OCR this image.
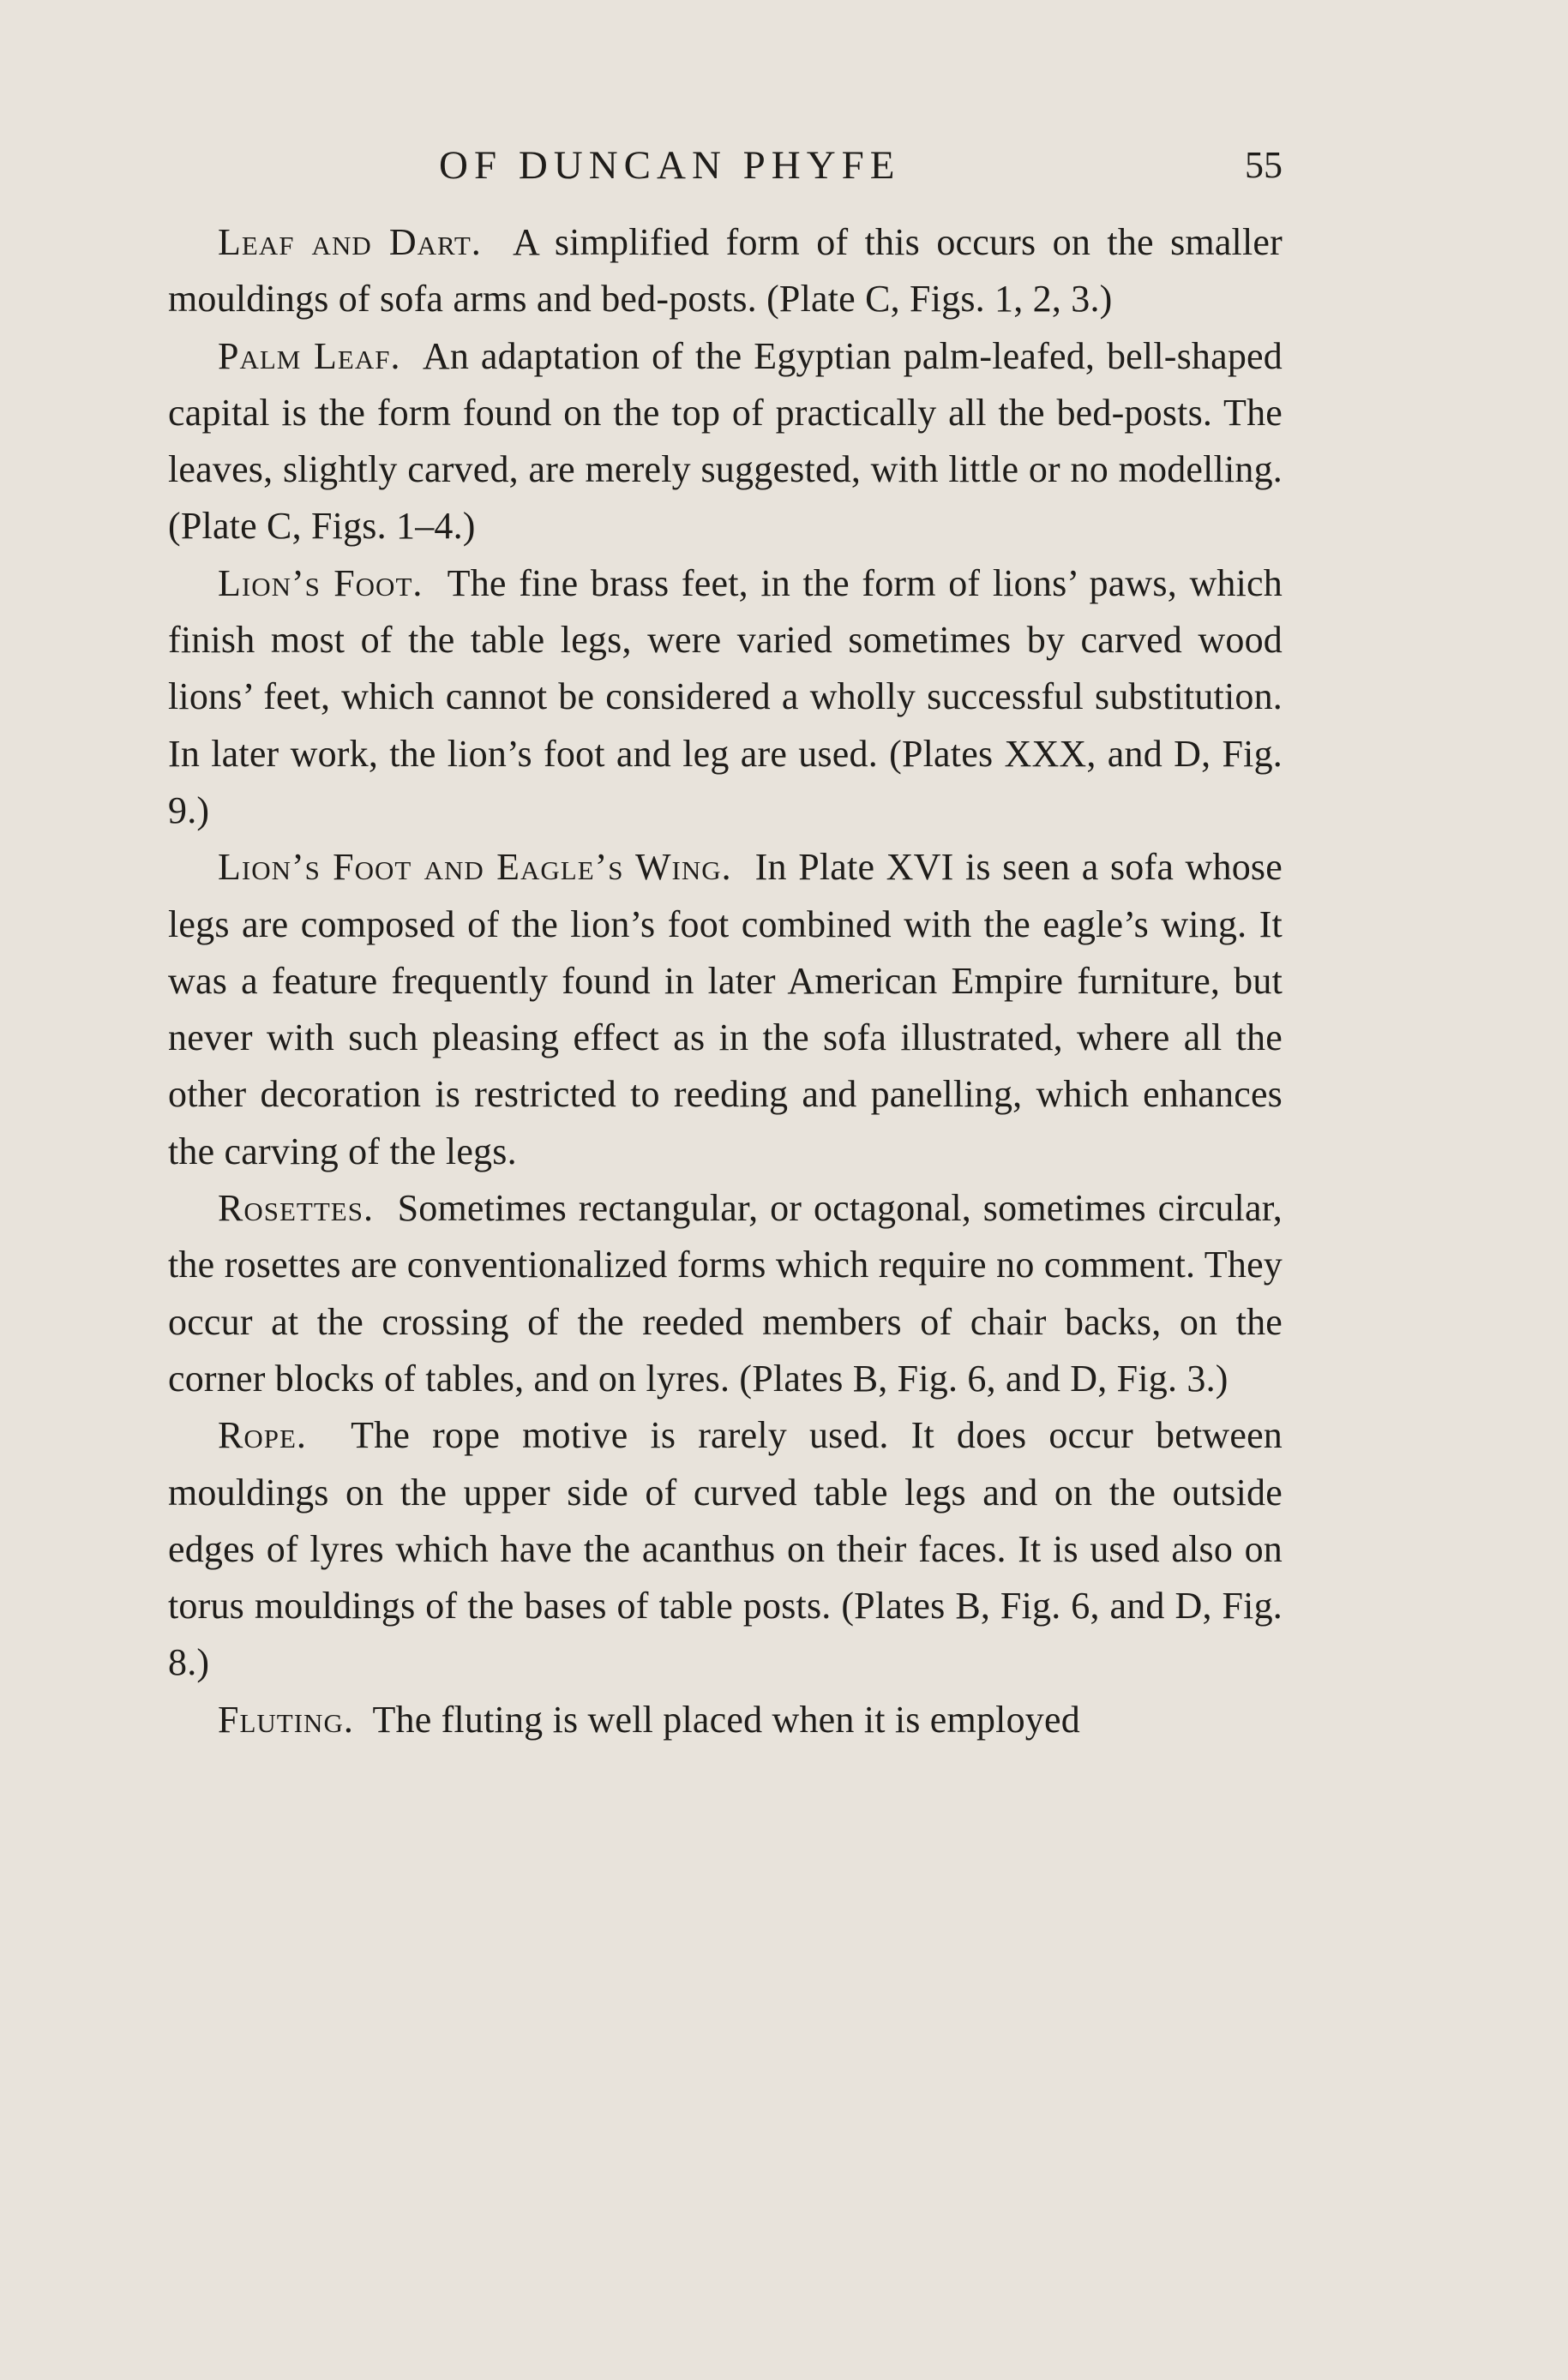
OF DUNCAN PHYFE	55

Leaf and Dart. A simplified form of this occurs on the smaller mouldings of sofa arms and bed-posts. (Plate C, Figs. 1, 2, 3.)

Palm Leaf. An adaptation of the Egyptian palm-leafed, bell-shaped capital is the form found on the top of practically all the bed-posts. The leaves, slightly carved, are merely suggested, with little or no modelling. (Plate C, Figs. 1–4.)

Lion’s Foot. The fine brass feet, in the form of lions’ paws, which finish most of the table legs, were varied sometimes by carved wood lions’ feet, which cannot be considered a wholly successful substitution. In later work, the lion’s foot and leg are used. (Plates XXX, and D, Fig. 9.)

Lion’s Foot and Eagle’s Wing. In Plate XVI is seen a sofa whose legs are composed of the lion’s foot combined with the eagle’s wing. It was a feature frequently found in later American Empire furniture, but never with such pleasing effect as in the sofa illustrated, where all the other decoration is restricted to reeding and panelling, which enhances the carving of the legs.

Rosettes. Sometimes rectangular, or octagonal, sometimes circular, the rosettes are conventionalized forms which require no comment. They occur at the crossing of the reeded members of chair backs, on the corner blocks of tables, and on lyres. (Plates B, Fig. 6, and D, Fig. 3.)

Rope. The rope motive is rarely used. It does occur between mouldings on the upper side of curved table legs and on the outside edges of lyres which have the acanthus on their faces. It is used also on torus mouldings of the bases of table posts. (Plates B, Fig. 6, and D, Fig. 8.)

Fluting. The fluting is well placed when it is employed
